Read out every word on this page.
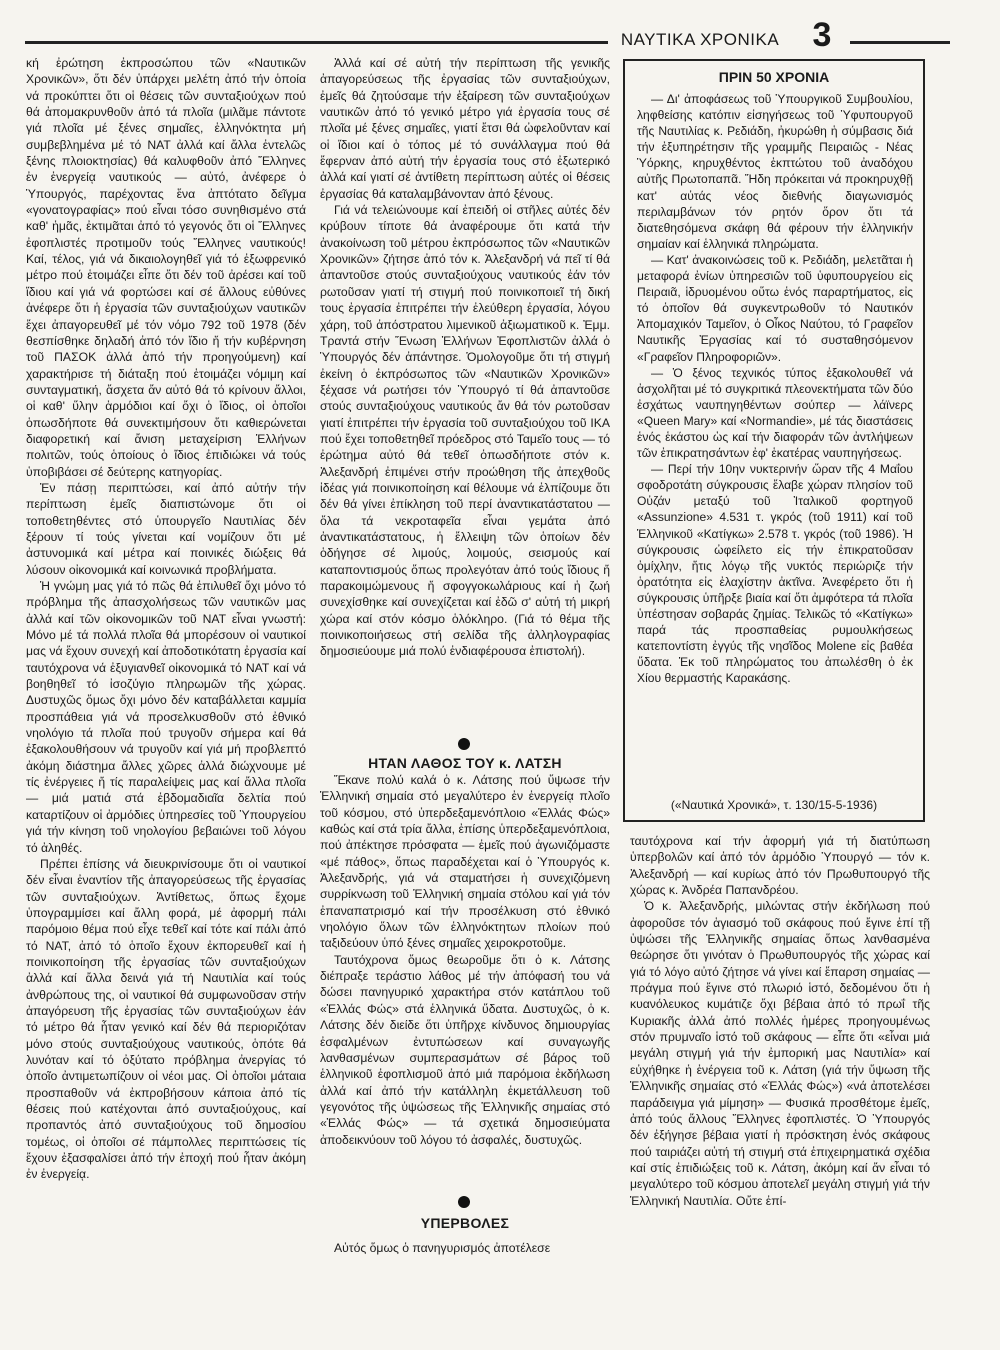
ΝΑΥΤΙΚΑ ΧΡΟΝΙΚΑ 3

κή ἐρώτηση ἐκπροσώπου τῶν «Ναυτικῶν Χρονικῶν», ὅτι δέν ὑπάρχει μελέτη ἀπό τήν ὁποία νά προκύπτει ὅτι οἱ θέσεις τῶν συνταξιούχων πού θά ἀπομακρυνθοῦν ἀπό τά πλοῖα (μιλᾶμε πάντοτε γιά πλοῖα μέ ξένες σημαῖες, ἑλληνόκτητα μή συμβεβλημένα μέ τό ΝΑΤ ἀλλά καί ἄλλα ἐντελῶς ξένης πλοιοκτησίας) θά καλυφθοῦν ἀπό Ἕλληνες ἐν ἐνεργείᾳ ναυτικούς — αὐτό, ἀνέφερε ὁ Ὑπουργός, παρέχοντας ἕνα ἀπτότατο δεῖγμα «γονατογραφίας» πού εἶναι τόσο συνηθισμένο στά καθ' ἡμᾶς, ἐκτιμᾶται ἀπό τό γεγονός ὅτι οἱ Ἕλληνες ἐφοπλιστές προτιμοῦν τούς Ἕλληνες ναυτικούς! Καί, τέλος, γιά νά δικαιολογηθεῖ γιά τό ἐξωφρενικό μέτρο πού ἑτοιμάζει εἶπε ὅτι δέν τοῦ ἀρέσει καί τοῦ ἴδιου καί γιά νά φορτώσει καί σέ ἄλλους εὐθύνες ἀνέφερε ὅτι ἡ ἐργασία τῶν συνταξιούχων ναυτικῶν ἔχει ἀπαγορευθεῖ μέ τόν νόμο 792 τοῦ 1978 (δέν θεσπίσθηκε δηλαδή ἀπό τόν ἴδιο ἤ τήν κυβέρνηση τοῦ ΠΑΣΟΚ ἀλλά ἀπό τήν προηγούμενη) καί χαρακτήρισε τή διάταξη πού ἑτοιμάζει νόμιμη καί συνταγματική, ἄσχετα ἄν αὐτό θά τό κρίνουν ἄλλοι, οἱ καθ' ὕλην ἁρμόδιοι καί ὄχι ὁ ἴδιος, οἱ ὁποῖοι ὁπωσδήποτε θά συνεκτιμήσουν ὅτι καθιερώνεται διαφορετική καί ἄνιση μεταχείριση Ἑλλήνων πολιτῶν, τούς ὁποίους ὁ ἴδιος ἐπιδιώκει νά τούς ὑποβιβάσει σέ δεύτερης κατηγορίας.

Ἐν πάσῃ περιπτώσει, καί ἀπό αὐτήν τήν περίπτωση ἐμεῖς διαπιστώνομε ὅτι οἱ τοποθετηθέντες στό ὑπουργεῖο Ναυτιλίας δέν ξέρουν τί τούς γίνεται καί νομίζουν ὅτι μέ ἀστυνομικά καί μέτρα καί ποινικές διώξεις θά λύσουν οἰκονομικά καί κοινωνικά προβλήματα.

Ἡ γνώμη μας γιά τό πῶς θά ἐπιλυθεῖ ὄχι μόνο τό πρόβλημα τῆς ἀπασχολήσεως τῶν ναυτικῶν μας ἀλλά καί τῶν οἰκονομικῶν τοῦ ΝΑΤ εἶναι γνωστή: Μόνο μέ τά πολλά πλοῖα θά μπορέσουν οἱ ναυτικοί μας νά ἔχουν συνεχή καί ἀποδοτικότατη ἐργασία καί ταυτόχρονα νά ἐξυγιανθεῖ οἰκονομικά τό ΝΑΤ καί νά βοηθηθεῖ τό ἰσοζύγιο πληρωμῶν τῆς χώρας. Δυστυχῶς ὅμως ὄχι μόνο δέν καταβάλλεται καμμία προσπάθεια γιά νά προσελκυσθοῦν στό ἐθνικό νηολόγιο τά πλοῖα πού τρυγοῦν σήμερα καί θά ἐξακολουθήσουν νά τρυγοῦν καί γιά μή προβλεπτό ἀκόμη διάστημα ἄλλες χῶρες ἀλλά διώχνουμε μέ τίς ἐνέργειες ἤ τίς παραλείψεις μας καί ἄλλα πλοῖα — μιά ματιά στά ἑβδομαδιαῖα δελτία πού καταρτίζουν οἱ ἁρμόδιες ὑπηρεσίες τοῦ Ὑπουργείου γιά τήν κίνηση τοῦ νηολογίου βεβαιώνει τοῦ λόγου τό ἀληθές.

Πρέπει ἐπίσης νά διευκρινίσουμε ὅτι οἱ ναυτικοί δέν εἶναι ἐναντίον τῆς ἀπαγορεύσεως τῆς ἐργασίας τῶν συνταξιούχων. Ἀντίθετως, ὅπως ἔχομε ὑπογραμμίσει καί ἄλλη φορά, μέ ἀφορμή πάλι παρόμοιο θέμα πού εἶχε τεθεῖ καί τότε καί πάλι ἀπό τό ΝΑΤ, ἀπό τό ὁποῖο ἔχουν ἐκπορευθεῖ καί ἡ ποινικοποίηση τῆς ἐργασίας τῶν συνταξιούχων ἀλλά καί ἄλλα δεινά γιά τή Ναυτιλία καί τούς ἀνθρώπους της, οἱ ναυτικοί θά συμφωνοῦσαν στήν ἀπαγόρευση τῆς ἐργασίας τῶν συνταξιούχων ἐάν τό μέτρο θά ἦταν γενικό καί δέν θά περιοριζόταν μόνο στούς συνταξιούχους ναυτικούς, ὁπότε θά λυνόταν καί τό ὀξύτατο πρόβλημα ἀνεργίας τό ὁποῖο ἀντιμετωπίζουν οἱ νέοι μας. Οἱ ὁποῖοι μάταια προσπαθοῦν νά ἐκπροβήσουν κάποια ἀπό τίς θέσεις πού κατέχονται ἀπό συνταξιούχους, καί προπαντός ἀπό συνταξιούχους τοῦ δημοσίου τομέως, οἱ ὁποῖοι σέ πάμπολλες περιπτώσεις τίς ἔχουν ἐξασφαλίσει ἀπό τήν ἐποχή πού ἦταν ἀκόμη ἐν ἐνεργείᾳ.

Ἀλλά καί σέ αὐτή τήν περίπτωση τῆς γενικῆς ἀπαγορεύσεως τῆς ἐργασίας τῶν συνταξιούχων, ἐμεῖς θά ζητούσαμε τήν ἐξαίρεση τῶν συνταξιούχων ναυτικῶν ἀπό τό γενικό μέτρο γιά ἐργασία τους σέ πλοῖα μέ ξένες σημαῖες, γιατί ἔτσι θά ὠφελοῦνταν καί οἱ ἴδιοι καί ὁ τόπος μέ τό συνάλλαγμα πού θά ἔφερναν ἀπό αὐτή τήν ἐργασία τους στό ἐξωτερικό ἀλλά καί γιατί σέ ἀντίθετη περίπτωση αὐτές οἱ θέσεις ἐργασίας θά καταλαμβάνονταν ἀπό ξένους.

Γιά νά τελειώνουμε καί ἐπειδή οἱ στῆλες αὐτές δέν κρύβουν τίποτε θά ἀναφέρουμε ὅτι κατά τήν ἀνακοίνωση τοῦ μέτρου ἐκπρόσωπος τῶν «Ναυτικῶν Χρονικῶν» ζήτησε ἀπό τόν κ. Ἀλεξανδρή νά πεῖ τί θά ἀπαντοῦσε στούς συνταξιούχους ναυτικούς ἐάν τόν ρωτοῦσαν γιατί τή στιγμή πού ποινικοποιεῖ τή δική τους ἐργασία ἐπιτρέπει τήν ἐλεύθερη ἐργασία, λόγου χάρη, τοῦ ἀπόστρατου λιμενικοῦ ἀξιωματικοῦ κ. Ἐμμ. Τραντά στήν Ἕνωση Ἑλλήνων Ἐφοπλιστῶν ἀλλά ὁ Ὑπουργός δέν ἀπάντησε. Ὁμολογοῦμε ὅτι τή στιγμή ἐκείνη ὁ ἐκπρόσωπος τῶν «Ναυτικῶν Χρονικῶν» ξέχασε νά ρωτήσει τόν Ὑπουργό τί θά ἀπαντοῦσε στούς συνταξιούχους ναυτικούς ἄν θά τόν ρωτοῦσαν γιατί ἐπιτρέπει τήν ἐργασία τοῦ συνταξιούχου τοῦ ΙΚΑ πού ἔχει τοποθετηθεῖ πρόεδρος στό Ταμεῖο τους — τό ἐρώτημα αὐτό θά τεθεῖ ὁπωσδήποτε στόν κ. Ἀλεξανδρή ἐπιμένει στήν προώθηση τῆς ἀπεχθοῦς ἰδέας γιά ποινικοποίηση καί θέλουμε νά ἐλπίζουμε ὅτι δέν θά γίνει ἐπίκληση τοῦ περί ἀναντικατάστατου — ὅλα τά νεκροταφεῖα εἶναι γεμάτα ἀπό ἀναντικατάστατους, ἡ ἔλλειψη τῶν ὁποίων δέν ὁδήγησε σέ λιμούς, λοιμούς, σεισμούς καί καταποντισμούς ὅπως προλεγόταν ἀπό τούς ἴδιους ἤ παρακοιμώμενους ἤ σφογγοκωλάριους καί ἡ ζωή συνεχίσθηκε καί συνεχίζεται καί ἐδῶ σ' αὐτή τή μικρή χώρα καί στόν κόσμο ὁλόκληρο. (Γιά τό θέμα τῆς ποινικοποιήσεως στή σελίδα τῆς ἀλληλογραφίας δημοσιεύουμε μιά πολύ ἐνδιαφέρουσα ἐπιστολή).

ΗΤΑΝ ΛΑΘΟΣ ΤΟΥ κ. ΛΑΤΣΗ

Ἔκανε πολύ καλά ὁ κ. Λάτσης πού ὕψωσε τήν Ἑλληνική σημαία στό μεγαλύτερο ἐν ἐνεργείᾳ πλοῖο τοῦ κόσμου, στό ὑπερδεξαμενόπλοιο «Ἑλλάς Φώς» καθώς καί στά τρία ἄλλα, ἐπίσης ὑπερδεξαμενόπλοια, πού ἀπέκτησε πρόσφατα — ἐμεῖς πού ἀγωνιζόμαστε «μέ πάθος», ὅπως παραδέχεται καί ὁ Ὑπουργός κ. Ἀλεξανδρής, γιά νά σταματήσει ἡ συνεχιζόμενη συρρίκνωση τοῦ Ἑλληνική σημαία στόλου καί γιά τόν ἐπαναπατρισμό καί τήν προσέλκυση στό ἐθνικό νηολόγιο ὅλων τῶν ἑλληνόκτητων πλοίων πού ταξιδεύουν ὑπό ξένες σημαῖες χειροκροτοῦμε.

Ταυτόχρονα ὅμως θεωροῦμε ὅτι ὁ κ. Λάτσης διέπραξε τεράστιο λάθος μέ τήν ἀπόφασή του νά δώσει πανηγυρικό χαρακτήρα στόν κατάπλου τοῦ «Ἑλλάς Φώς» στά ἑλληνικά ὕδατα. Δυστυχῶς, ὁ κ. Λάτσης δέν διείδε ὅτι ὑπῆρχε κίνδυνος δημιουργίας ἐσφαλμένων ἐντυπώσεων καί συναγωγῆς λανθασμένων συμπερασμάτων σέ βάρος τοῦ ἑλληνικοῦ ἐφοπλισμοῦ ἀπό μιά παρόμοια ἐκδήλωση ἀλλά καί ἀπό τήν κατάλληλη ἐκμετάλλευση τοῦ γεγονότος τῆς ὑψώσεως τῆς Ἑλληνικῆς σημαίας στό «Ἑλλάς Φώς» — τά σχετικά δημοσιεύματα ἀποδεικνύουν τοῦ λόγου τό ἀσφαλές, δυστυχῶς.

ΥΠΕΡΒΟΛΕΣ

Αὐτός ὅμως ὁ πανηγυρισμός ἀποτέλεσε

ΠΡΙΝ 50 ΧΡΟΝΙΑ

— Δι' ἀποφάσεως τοῦ Ὑπουργικοῦ Συμβουλίου, ληφθείσης κατόπιν εἰσηγήσεως τοῦ Ὑφυπουργοῦ τῆς Ναυτιλίας κ. Ρεδιάδη, ἠκυρώθη ἡ σύμβασις διά τήν ἐξυπηρέτησιν τῆς γραμμῆς Πειραιῶς - Νέας Ὑόρκης, κηρυχθέντος ἐκπτώτου τοῦ ἀναδόχου αὐτῆς Πρωτοπαπᾶ. Ἤδη πρόκειται νά προκηρυχθῇ κατ' αὐτάς νέος διεθνής διαγωνισμός περιλαμβάνων τόν ρητόν ὅρον ὅτι τά διατεθησόμενα σκάφη θά φέρουν τήν ἑλληνικήν σημαίαν καί ἑλληνικά πληρώματα.

— Κατ' ἀνακοινώσεις τοῦ κ. Ρεδιάδη, μελετᾶται ἡ μεταφορά ἐνίων ὑπηρεσιῶν τοῦ ὑφυπουργείου εἰς Πειραιᾶ, ἱδρυομένου οὕτω ἑνός παραρτήματος, εἰς τό ὁποῖον θά συγκεντρωθοῦν τό Ναυτικόν Ἀπομαχικόν Ταμεῖον, ὁ Οἶκος Ναύτου, τό Γραφεῖον Ναυτικῆς Ἐργασίας καί τό συσταθησόμενον «Γραφεῖον Πληροφοριῶν».

— Ὁ ξένος τεχνικός τύπος ἐξακολουθεῖ νά ἀσχολῆται μέ τό συγκριτικά πλεονεκτήματα τῶν δύο ἐσχάτως ναυπηγηθέντων σούπερ — λάϊνερς «Queen Mary» καί «Normandie», μέ τάς διαστάσεις ἑνός ἑκάστου ὡς καί τήν διαφοράν τῶν ἀντλήψεων τῶν ἐπικρατησάντων ἐφ' ἑκατέρας ναυπηγήσεως.

— Περί τήν 10ην νυκτερινήν ὥραν τῆς 4 Μαΐου σφοδροτάτη σύγκρουσις ἔλαβε χώραν πλησίον τοῦ Οὐζάν μεταξύ τοῦ Ἰταλικοῦ φορτηγοῦ «Assunzione» 4.531 τ. γκρός (τοῦ 1911) καί τοῦ Ἑλληνικοῦ «Κατίγκω» 2.578 τ. γκρός (τοῦ 1986). Ἡ σύγκρουσις ὠφείλετο εἰς τήν ἐπικρατοῦσαν ὀμίχλην, ἥτις λόγῳ τῆς νυκτός περιώριζε τήν ὁρατότητα εἰς ἐλαχίστην ἀκτῖνα. Ἀνεφέρετο ὅτι ἡ σύγκρουσις ὑπῆρξε βιαία καί ὅτι ἀμφότερα τά πλοῖα ὑπέστησαν σοβαράς ζημίας. Τελικῶς τό «Κατίγκω» παρά τάς προσπαθείας ρυμουλκήσεως κατεποντίστη ἐγγύς τῆς νησῖδος Molene εἰς βαθέα ὕδατα. Ἐκ τοῦ πληρώματος του ἀπωλέσθη ὁ ἐκ Χίου θερμαστής Καρακάσης.

(«Ναυτικά Χρονικά», τ. 130/15-5-1936)

ταυτόχρονα καί τήν ἀφορμή γιά τή διατύπωση ὑπερβολῶν καί ἀπό τόν ἁρμόδιο Ὑπουργό — τόν κ. Ἀλεξανδρή — καί κυρίως ἀπό τόν Πρωθυπουργό τῆς χώρας κ. Ἀνδρέα Παπανδρέου.

Ὁ κ. Ἀλεξανδρής, μιλώντας στήν ἐκδήλωση πού ἀφοροῦσε τόν ἁγιασμό τοῦ σκάφους πού ἔγινε ἐπί τῇ ὑψώσει τῆς Ἑλληνικῆς σημαίας ὅπως λανθασμένα θεώρησε ὅτι γινόταν ὁ Πρωθυπουργός τῆς χώρας καί γιά τό λόγο αὐτό ζήτησε νά γίνει καί ἔπαρση σημαίας — πράγμα πού ἔγινε στό πλωριό ἱστό, δεδομένου ὅτι ἡ κυανόλευκος κυμάτιζε ὄχι βέβαια ἀπό τό πρωΐ τῆς Κυριακῆς ἀλλά ἀπό πολλές ἡμέρες προηγουμένως στόν πρυμναῖο ἱστό τοῦ σκάφους — εἶπε ὅτι «εἶναι μιά μεγάλη στιγμή γιά τήν ἐμπορική μας Ναυτιλία» καί εὐχήθηκε ἡ ἐνέργεια τοῦ κ. Λάτση (γιά τήν ὕψωση τῆς Ἑλληνικῆς σημαίας στό «Ἑλλάς Φώς») «νά ἀποτελέσει παράδειγμα γιά μίμηση» — Φυσικά προσθέτομε ἐμεῖς, ἀπό τούς ἄλλους Ἕλληνες ἐφοπλιστές. Ὁ Ὑπουργός δέν ἐξήγησε βέβαια γιατί ἡ πρόσκτηση ἑνός σκάφους πού ταιριάζει αὐτή τή στιγμή στά ἐπιχειρηματικά σχέδια καί στίς ἐπιδιώξεις τοῦ κ. Λάτση, ἀκόμη καί ἄν εἶναι τό μεγαλύτερο τοῦ κόσμου ἀποτελεῖ μεγάλη στιγμή γιά τήν Ἑλληνική Ναυτιλία. Οὔτε ἐπί-
